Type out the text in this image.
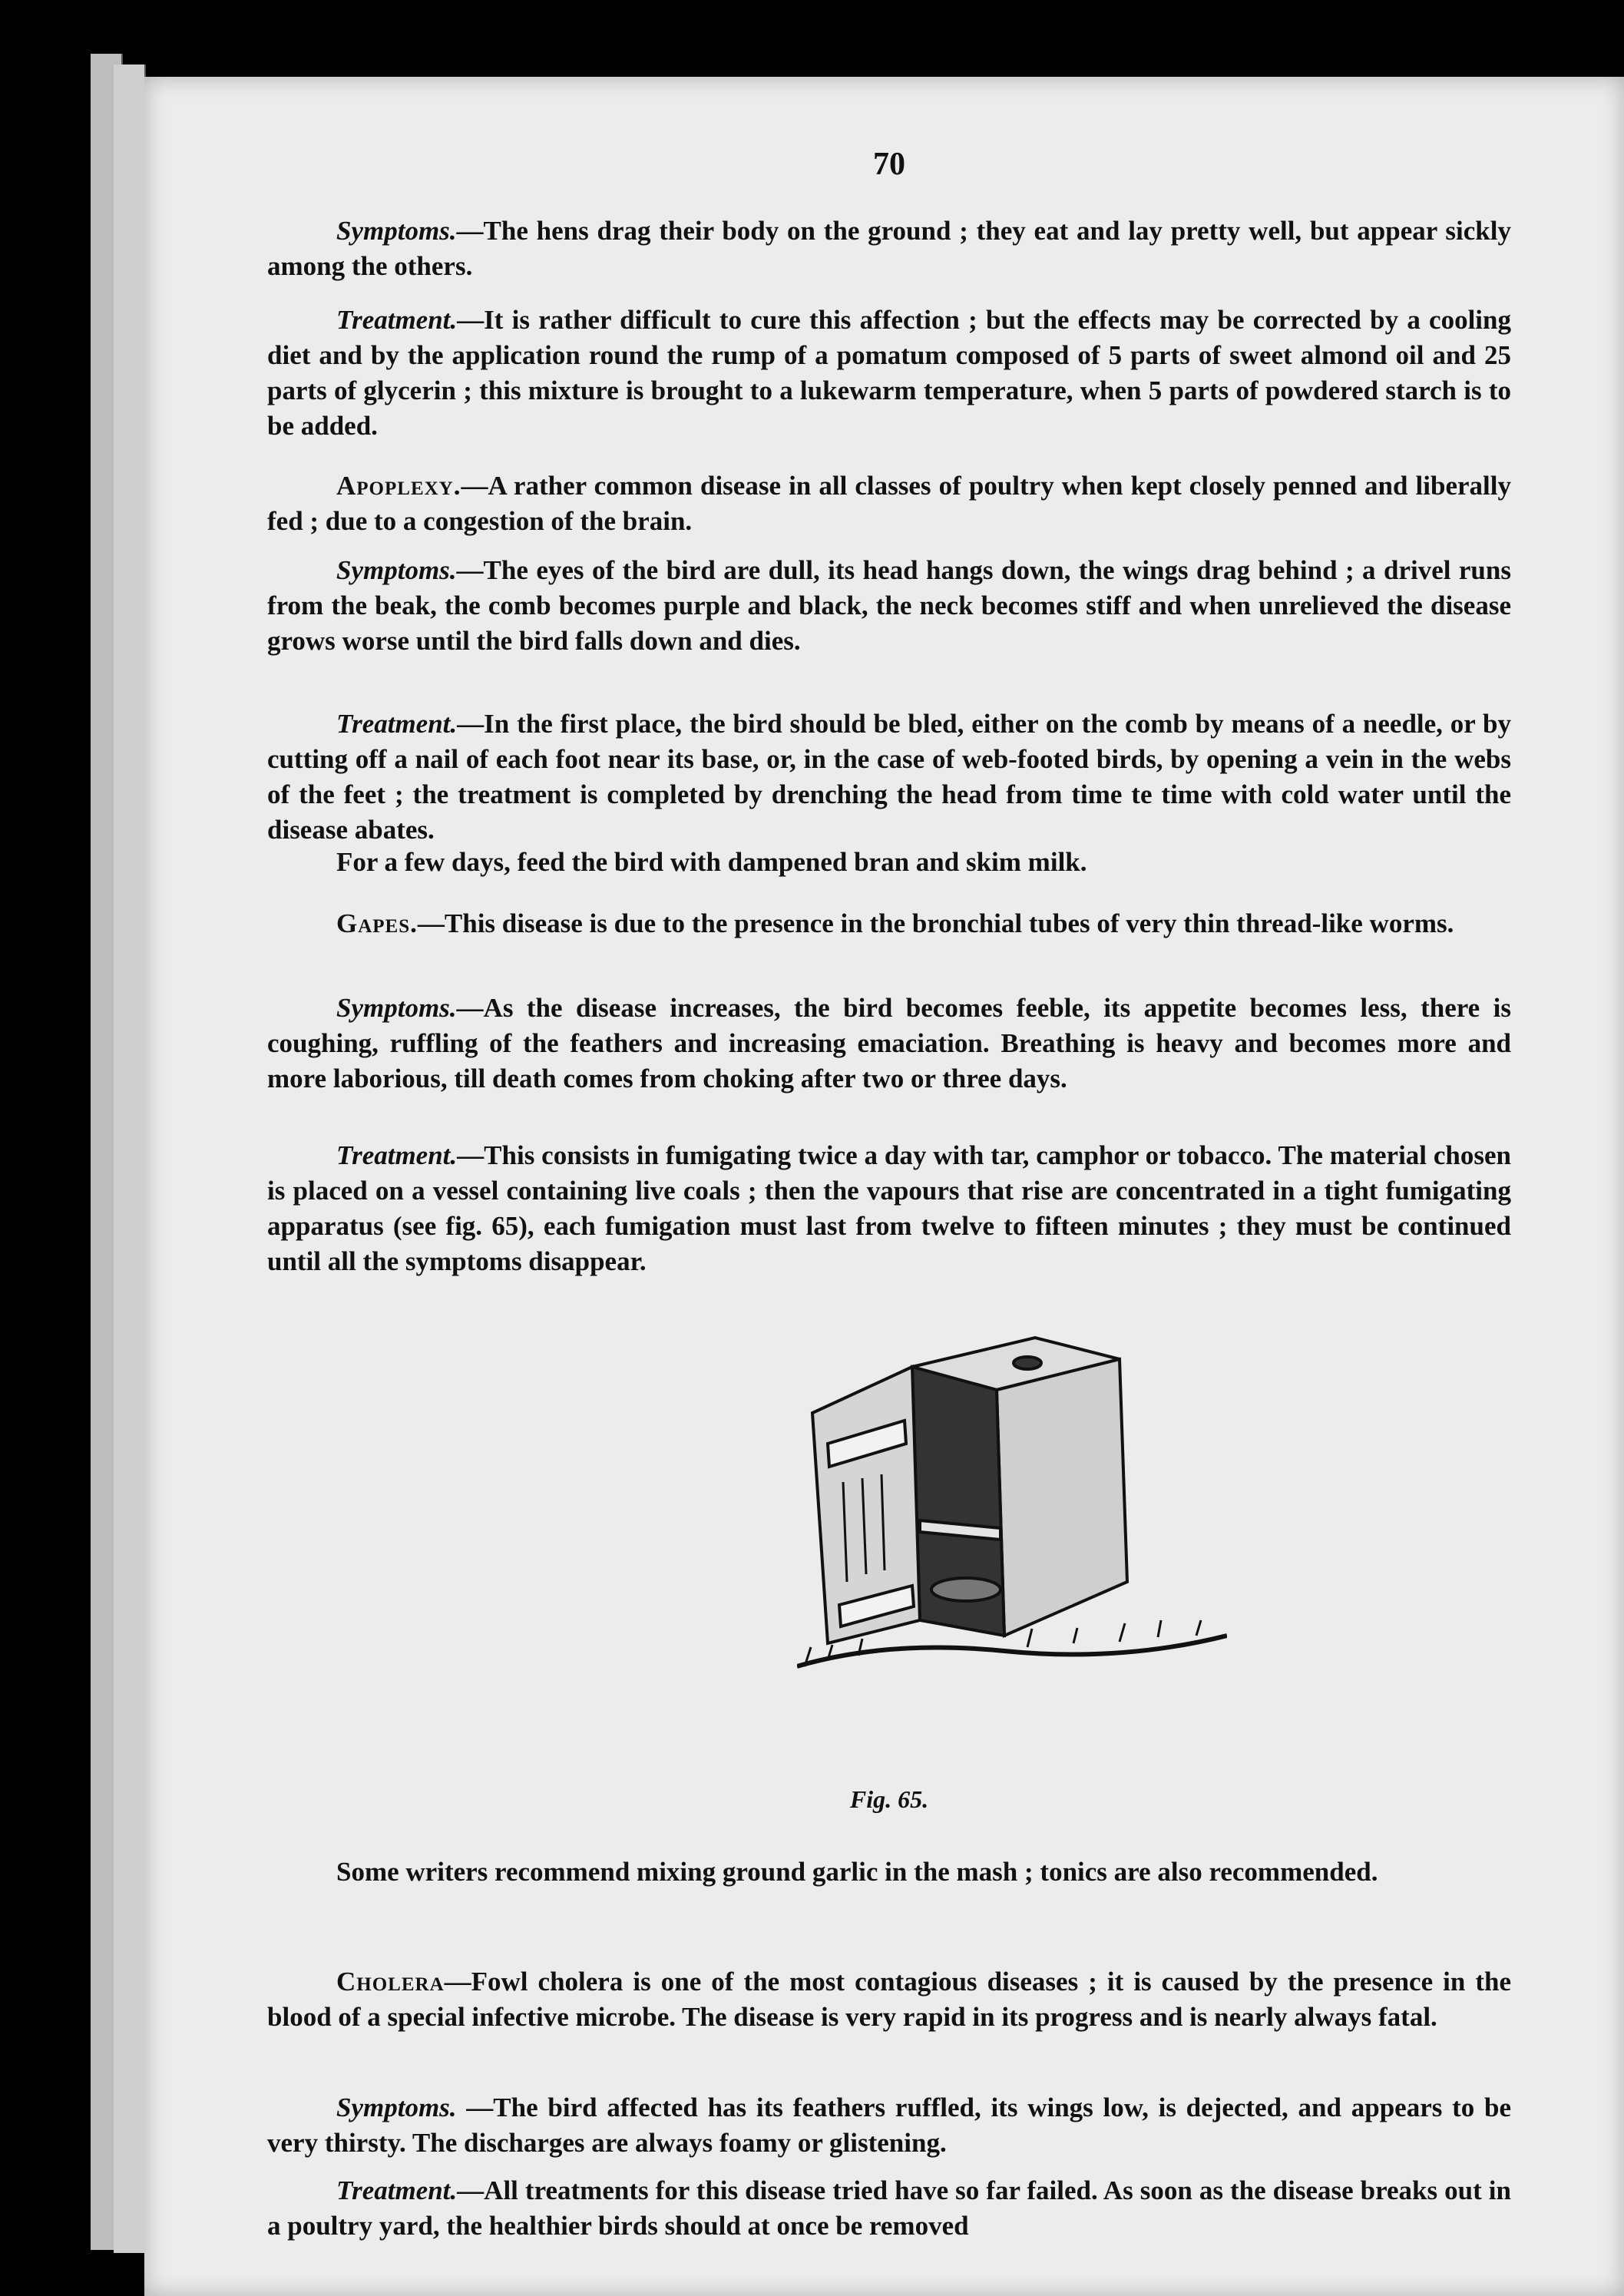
70

Symptoms.—The hens drag their body on the ground ; they eat and lay pretty well, but appear sickly among the others.

Treatment.—It is rather difficult to cure this affection ; but the effects may be corrected by a cooling diet and by the application round the rump of a pomatum composed of 5 parts of sweet almond oil and 25 parts of glycerin ; this mixture is brought to a lukewarm temperature, when 5 parts of powdered starch is to be added.

Apoplexy.—A rather common disease in all classes of poultry when kept closely penned and liberally fed ; due to a congestion of the brain.

Symptoms.—The eyes of the bird are dull, its head hangs down, the wings drag behind ; a drivel runs from the beak, the comb becomes purple and black, the neck becomes stiff and when unrelieved the disease grows worse until the bird falls down and dies.

Treatment.—In the first place, the bird should be bled, either on the comb by means of a needle, or by cutting off a nail of each foot near its base, or, in the case of web-footed birds, by opening a vein in the webs of the feet ; the treatment is completed by drenching the head from time te time with cold water until the disease abates.

For a few days, feed the bird with dampened bran and skim milk.

Gapes.—This disease is due to the presence in the bronchial tubes of very thin thread-like worms.

Symptoms.—As the disease increases, the bird becomes feeble, its appetite becomes less, there is coughing, ruffling of the feathers and increasing emaciation. Breathing is heavy and becomes more and more laborious, till death comes from choking after two or three days.

Treatment.—This consists in fumigating twice a day with tar, camphor or tobacco. The material chosen is placed on a vessel containing live coals ; then the vapours that rise are concentrated in a tight fumigating apparatus (see fig. 65), each fumigation must last from twelve to fifteen minutes ; they must be continued until all the symptoms disappear.

Some writers recommend mixing ground garlic in the mash ; tonics are also recommended.

Cholera—Fowl cholera is one of the most contagious diseases ; it is caused by the presence in the blood of a special infective microbe. The disease is very rapid in its progress and is nearly always fatal.

Symptoms. —The bird affected has its feathers ruffled, its wings low, is dejected, and appears to be very thirsty. The discharges are always foamy or glistening.

Treatment.—All treatments for this disease tried have so far failed. As soon as the disease breaks out in a poultry yard, the healthier birds should at once be removed

Fig. 65.
